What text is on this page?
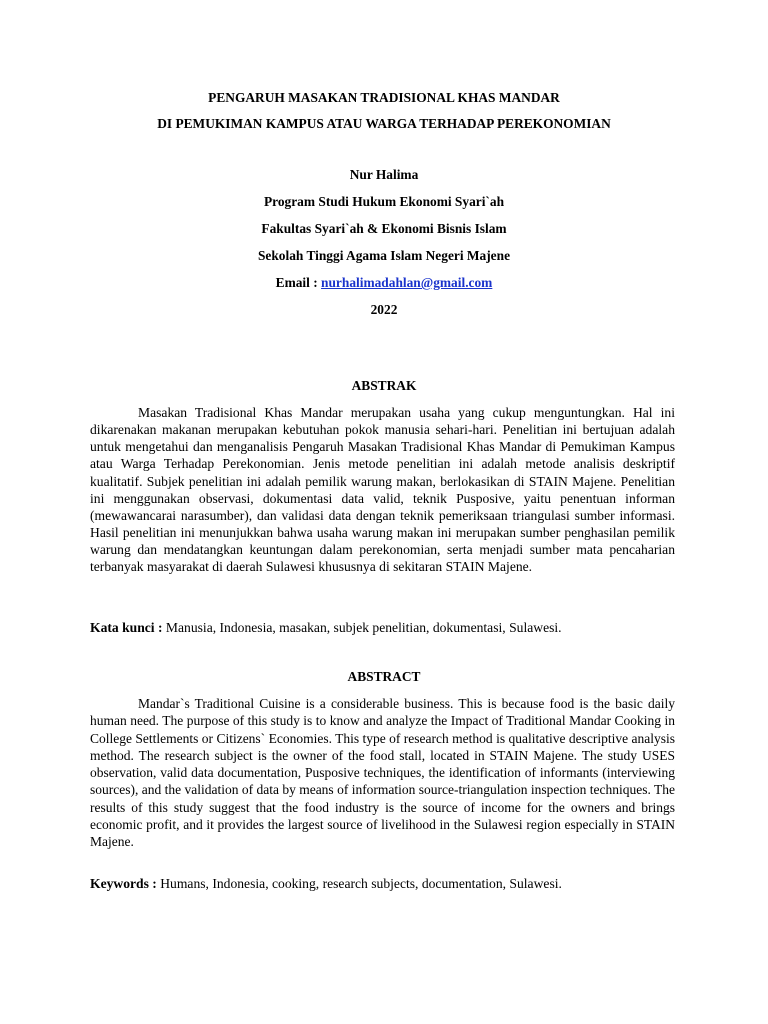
PENGARUH MASAKAN TRADISIONAL KHAS MANDAR
DI PEMUKIMAN KAMPUS ATAU WARGA TERHADAP PEREKONOMIAN
Nur Halima
Program Studi Hukum Ekonomi Syari`ah
Fakultas Syari`ah & Ekonomi Bisnis Islam
Sekolah Tinggi Agama Islam Negeri Majene
Email : nurhalimadahlan@gmail.com
2022
ABSTRAK

Masakan Tradisional Khas Mandar merupakan usaha yang cukup menguntungkan. Hal ini dikarenakan makanan merupakan kebutuhan pokok manusia sehari-hari. Penelitian ini bertujuan adalah untuk mengetahui dan menganalisis Pengaruh Masakan Tradisional Khas Mandar di Pemukiman Kampus atau Warga Terhadap Perekonomian. Jenis metode penelitian ini adalah metode analisis deskriptif kualitatif. Subjek penelitian ini adalah pemilik warung makan, berlokasikan di STAIN Majene. Penelitian ini menggunakan observasi, dokumentasi data valid, teknik Pusposive, yaitu penentuan informan (mewawancarai narasumber), dan validasi data dengan teknik pemeriksaan triangulasi sumber informasi. Hasil penelitian ini menunjukkan bahwa usaha warung makan ini merupakan sumber penghasilan pemilik warung dan mendatangkan keuntungan dalam perekonomian, serta menjadi sumber mata pencaharian terbanyak masyarakat di daerah Sulawesi khususnya di sekitaran STAIN Majene.

Kata kunci : Manusia, Indonesia, masakan, subjek penelitian, dokumentasi, Sulawesi.

ABSTRACT

Mandar`s Traditional Cuisine is a considerable business. This is because food is the basic daily human need. The purpose of this study is to know and analyze the Impact of Traditional Mandar Cooking in College Settlements or Citizens` Economies. This type of research method is qualitative descriptive analysis method. The research subject is the owner of the food stall, located in STAIN Majene. The study USES observation, valid data documentation, Pusposive techniques, the identification of informants (interviewing sources), and the validation of data by means of information source-triangulation inspection techniques. The results of this study suggest that the food industry is the source of income for the owners and brings economic profit, and it provides the largest source of livelihood in the Sulawesi region especially in STAIN Majene.

Keywords : Humans, Indonesia, cooking, research subjects, documentation, Sulawesi.
